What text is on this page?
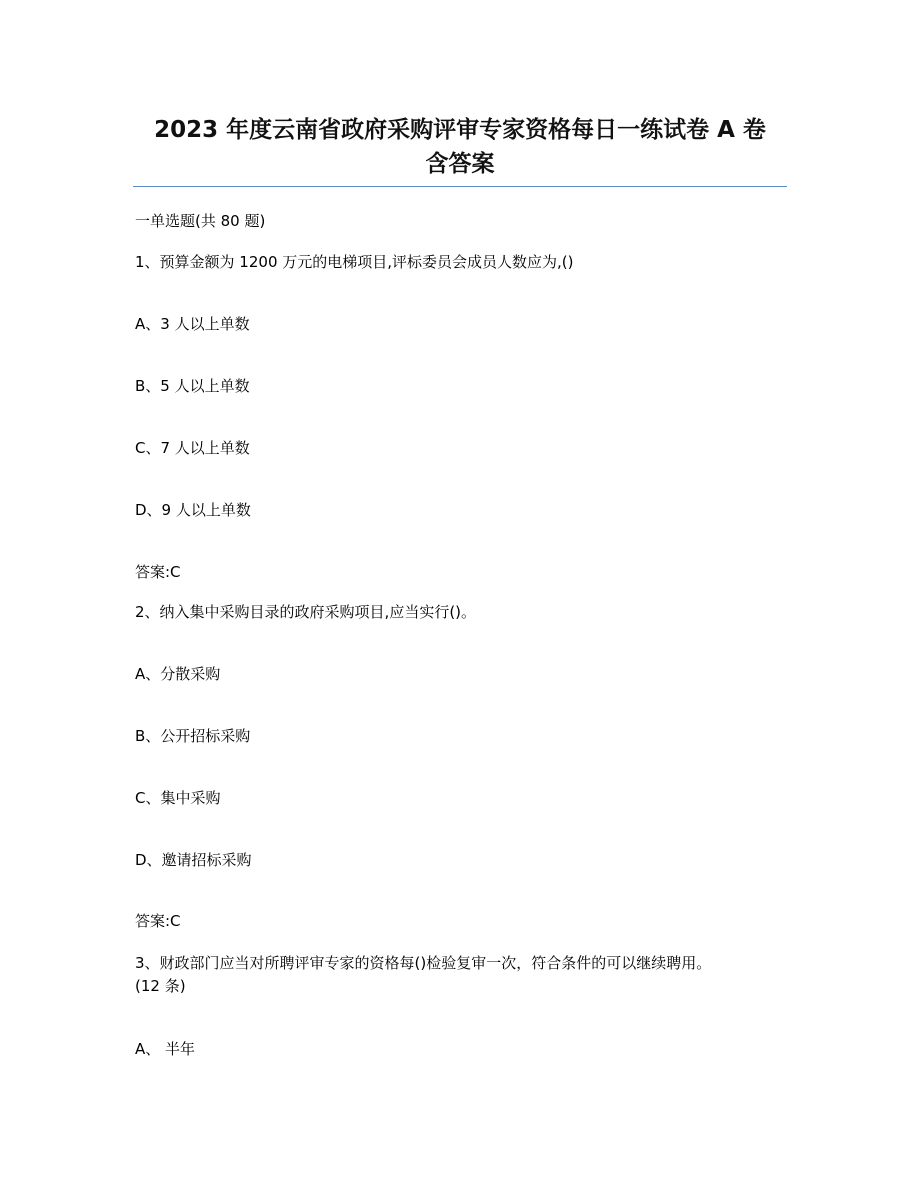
2023 年度云南省政府采购评审专家资格每日一练试卷 A 卷
含答案
一单选题(共 80 题)
1、预算金额为 1200 万元的电梯项目,评标委员会成员人数应为,()
A、3 人以上单数
B、5 人以上单数
C、7 人以上单数
D、9 人以上单数
答案:C
2、纳入集中采购目录的政府采购项目,应当实行()。
A、分散采购
B、公开招标采购
C、集中采购
D、邀请招标采购
答案:C
3、财政部门应当对所聘评审专家的资格每()检验复审一次，符合条件的可以继续聘用。
(12 条)
A、 半年
